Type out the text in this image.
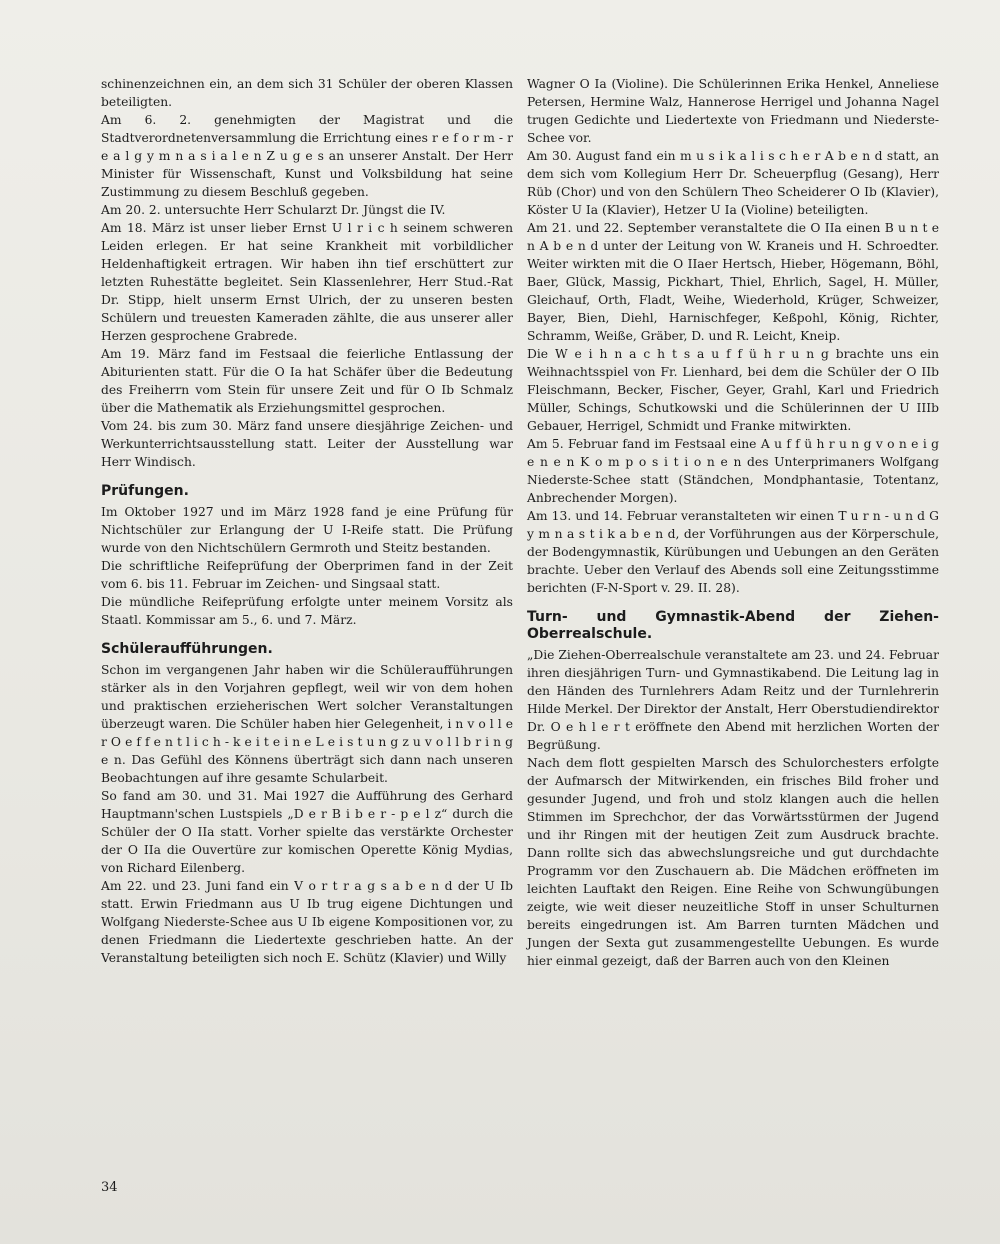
schinenzeichnen ein, an dem sich 31 Schüler der oberen Klassen beteiligten.

Am 6. 2. genehmigten der Magistrat und die Stadtverordnetenversammlung die Errichtung eines r e f o r m - r e a l g y m n a s i a l e n Z u g e s an unserer Anstalt. Der Herr Minister für Wissenschaft, Kunst und Volksbildung hat seine Zustimmung zu diesem Beschluß gegeben.

Am 20. 2. untersuchte Herr Schularzt Dr. Jüngst die IV.

Am 18. März ist unser lieber Ernst U l r i c h seinem schweren Leiden erlegen. Er hat seine Krankheit mit vorbildlicher Heldenhaftigkeit ertragen. Wir haben ihn tief erschüttert zur letzten Ruhestätte begleitet. Sein Klassenlehrer, Herr Stud.-Rat Dr. Stipp, hielt unserm Ernst Ulrich, der zu unseren besten Schülern und treuesten Kameraden zählte, die aus unserer aller Herzen gesprochene Grabrede.

Am 19. März fand im Festsaal die feierliche Entlassung der Abiturienten statt. Für die O Ia hat Schäfer über die Bedeutung des Freiherrn vom Stein für unsere Zeit und für O Ib Schmalz über die Mathematik als Erziehungsmittel gesprochen.

Vom 24. bis zum 30. März fand unsere diesjährige Zeichen- und Werkunterrichtsausstellung statt. Leiter der Ausstellung war Herr Windisch.

Prüfungen.

Im Oktober 1927 und im März 1928 fand je eine Prüfung für Nichtschüler zur Erlangung der U I-Reife statt. Die Prüfung wurde von den Nichtschülern Germroth und Steitz bestanden.

Die schriftliche Reifeprüfung der Oberprimen fand in der Zeit vom 6. bis 11. Februar im Zeichen- und Singsaal statt.

Die mündliche Reifeprüfung erfolgte unter meinem Vorsitz als Staatl. Kommissar am 5., 6. und 7. März.

Schüleraufführungen.

Schon im vergangenen Jahr haben wir die Schüleraufführungen stärker als in den Vorjahren gepflegt, weil wir von dem hohen und praktischen erzieherischen Wert solcher Veranstaltungen überzeugt waren. Die Schüler haben hier Gelegenheit, i n v o l l e r O e f f e n t l i c h - k e i t e i n e L e i s t u n g z u v o l l b r i n g e n. Das Gefühl des Könnens überträgt sich dann nach unseren Beobachtungen auf ihre gesamte Schularbeit.

So fand am 30. und 31. Mai 1927 die Aufführung des Gerhard Hauptmann'schen Lustspiels „D e r B i b e r - p e l z“ durch die Schüler der O IIa statt. Vorher spielte das verstärkte Orchester der O IIa die Ouvertüre zur komischen Operette König Mydias, von Richard Eilenberg.

Am 22. und 23. Juni fand ein V o r t r a g s a b e n d der U Ib statt. Erwin Friedmann aus U Ib trug eigene Dichtungen und Wolfgang Niederste-Schee aus U Ib eigene Kompositionen vor, zu denen Friedmann die Liedertexte geschrieben hatte. An der Veranstaltung beteiligten sich noch E. Schütz (Klavier) und Willy

Wagner O Ia (Violine). Die Schülerinnen Erika Henkel, Anneliese Petersen, Hermine Walz, Hannerose Herrigel und Johanna Nagel trugen Gedichte und Liedertexte von Friedmann und Niederste-Schee vor.

Am 30. August fand ein m u s i k a l i s c h e r A b e n d statt, an dem sich vom Kollegium Herr Dr. Scheuerpflug (Gesang), Herr Rüb (Chor) und von den Schülern Theo Scheiderer O Ib (Klavier), Köster U Ia (Klavier), Hetzer U Ia (Violine) beteiligten.

Am 21. und 22. September veranstaltete die O IIa einen B u n t e n A b e n d unter der Leitung von W. Kraneis und H. Schroedter. Weiter wirkten mit die O IIaer Hertsch, Hieber, Högemann, Böhl, Baer, Glück, Massig, Pickhart, Thiel, Ehrlich, Sagel, H. Müller, Gleichauf, Orth, Fladt, Weihe, Wiederhold, Krüger, Schweizer, Bayer, Bien, Diehl, Harnischfeger, Keßpohl, König, Richter, Schramm, Weiße, Gräber, D. und R. Leicht, Kneip.

Die W e i h n a c h t s a u f f ü h r u n g brachte uns ein Weihnachtsspiel von Fr. Lienhard, bei dem die Schüler der O IIb Fleischmann, Becker, Fischer, Geyer, Grahl, Karl und Friedrich Müller, Schings, Schutkowski und die Schülerinnen der U IIIb Gebauer, Herrigel, Schmidt und Franke mitwirkten.

Am 5. Februar fand im Festsaal eine A u f f ü h r u n g v o n e i g e n e n K o m p o s i t i o n e n des Unterprimaners Wolfgang Niederste-Schee statt (Ständchen, Mondphantasie, Totentanz, Anbrechender Morgen).

Am 13. und 14. Februar veranstalteten wir einen T u r n - u n d G y m n a s t i k a b e n d, der Vorführungen aus der Körperschule, der Bodengymnastik, Kürübungen und Uebungen an den Geräten brachte. Ueber den Verlauf des Abends soll eine Zeitungsstimme berichten (F-N-Sport v. 29. II. 28).

Turn- und Gymnastik-Abend der Ziehen-Oberrealschule.

„Die Ziehen-Oberrealschule veranstaltete am 23. und 24. Februar ihren diesjährigen Turn- und Gymnastikabend. Die Leitung lag in den Händen des Turnlehrers Adam Reitz und der Turnlehrerin Hilde Merkel. Der Direktor der Anstalt, Herr Oberstudiendirektor Dr. O e h l e r t eröffnete den Abend mit herzlichen Worten der Begrüßung.

Nach dem flott gespielten Marsch des Schulorchesters erfolgte der Aufmarsch der Mitwirkenden, ein frisches Bild froher und gesunder Jugend, und froh und stolz klangen auch die hellen Stimmen im Sprechchor, der das Vorwärtsstürmen der Jugend und ihr Ringen mit der heutigen Zeit zum Ausdruck brachte. Dann rollte sich das abwechslungsreiche und gut durchdachte Programm vor den Zuschauern ab. Die Mädchen eröffneten im leichten Lauftakt den Reigen. Eine Reihe von Schwungübungen zeigte, wie weit dieser neuzeitliche Stoff in unser Schulturnen bereits eingedrungen ist. Am Barren turnten Mädchen und Jungen der Sexta gut zusammengestellte Uebungen. Es wurde hier einmal gezeigt, daß der Barren auch von den Kleinen

34
